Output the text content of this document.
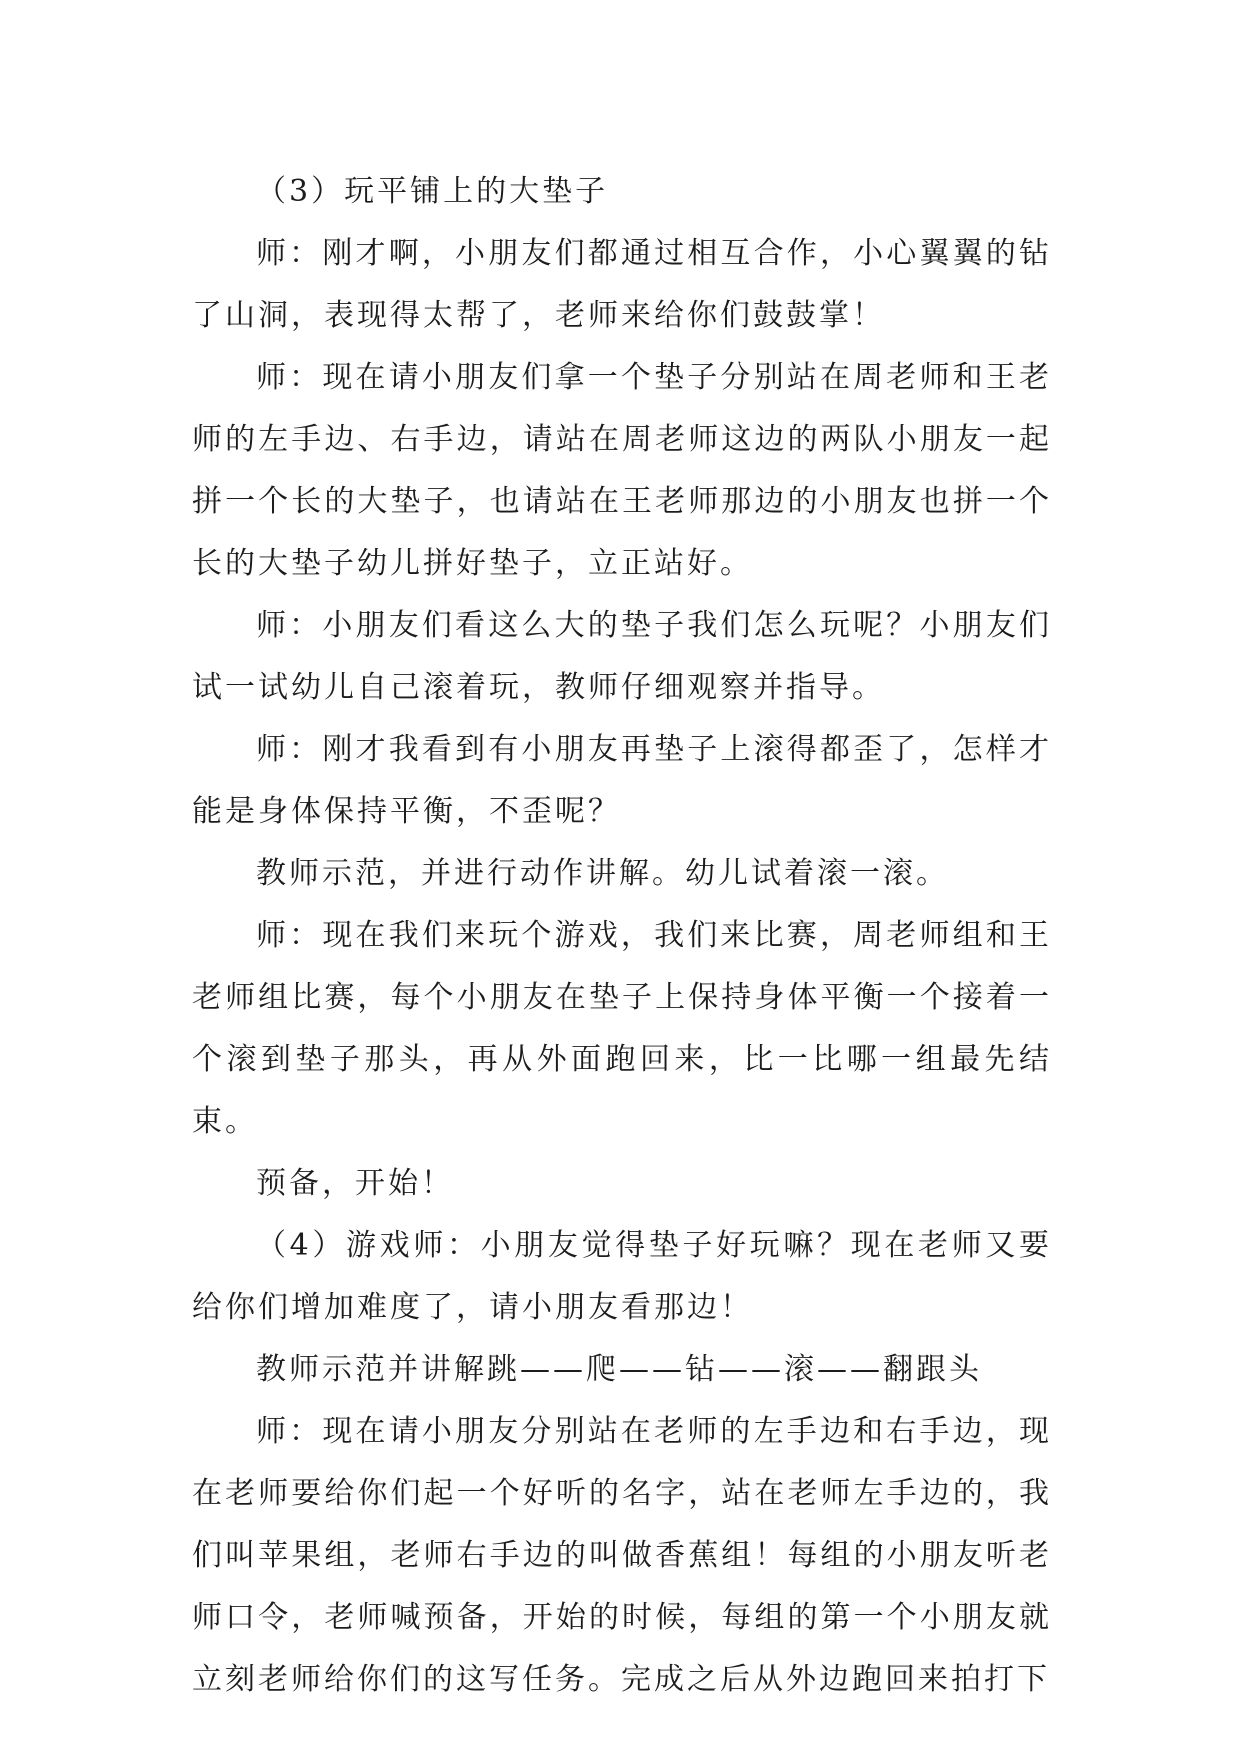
（3）玩平铺上的大垫子

师：刚才啊，小朋友们都通过相互合作，小心翼翼的钻了山洞，表现得太帮了，老师来给你们鼓鼓掌！

师：现在请小朋友们拿一个垫子分别站在周老师和王老师的左手边、右手边，请站在周老师这边的两队小朋友一起拼一个长的大垫子，也请站在王老师那边的小朋友也拼一个长的大垫子幼儿拼好垫子，立正站好。

师：小朋友们看这么大的垫子我们怎么玩呢？小朋友们试一试幼儿自己滚着玩，教师仔细观察并指导。

师：刚才我看到有小朋友再垫子上滚得都歪了，怎样才能是身体保持平衡，不歪呢？

教师示范，并进行动作讲解。幼儿试着滚一滚。

师：现在我们来玩个游戏，我们来比赛，周老师组和王老师组比赛，每个小朋友在垫子上保持身体平衡一个接着一个滚到垫子那头，再从外面跑回来，比一比哪一组最先结束。

预备，开始！

（4）游戏师：小朋友觉得垫子好玩嘛？现在老师又要给你们增加难度了，请小朋友看那边！

教师示范并讲解跳——爬——钻——滚——翻跟头

师：现在请小朋友分别站在老师的左手边和右手边，现在老师要给你们起一个好听的名字，站在老师左手边的，我们叫苹果组，老师右手边的叫做香蕉组！每组的小朋友听老师口令，老师喊预备，开始的时候，每组的第一个小朋友就立刻老师给你们的这写任务。完成之后从外边跑回来拍打下
